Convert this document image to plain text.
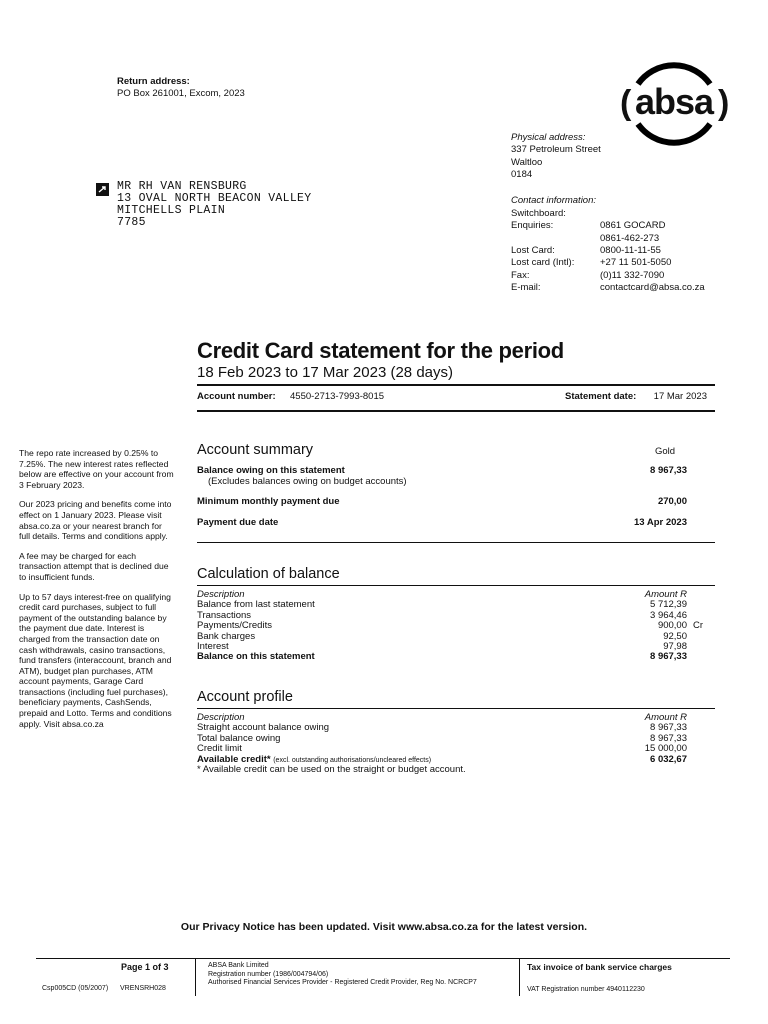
Return address:
PO Box 261001, Excom, 2023	absa
(	)
Physical address:
337 Petroleum Street
Waltloo
0184
Contact information:
Switchboard:
Enquiries:	0861 GOCARD
0861-462-273
Lost Card:	0800-11-11-55
Lost card (Intl):	+27 11 501-5050
Fax:	(0)11 332-7090
E-mail:	contactcard@absa.co.za
MR RH VAN RENSBURG
13 OVAL NORTH BEACON VALLEY
MITCHELLS PLAIN
7785
Credit Card statement for the period
18 Feb 2023 to 17 Mar 2023 (28 days)
Account number: 4550-2713-7993-8015	Statement date: 17 Mar 2023

The repo rate increased by 0.25% to 7.25%. The new interest rates reflected below are effective on your account from 3 February 2023.

Our 2023 pricing and benefits come into effect on 1 January 2023. Please visit absa.co.za or your nearest branch for full details. Terms and conditions apply.

A fee may be charged for each transaction attempt that is declined due to insufficient funds.

Up to 57 days interest-free on qualifying credit card purchases, subject to full payment of the outstanding balance by the payment due date. Interest is charged from the transaction date on cash withdrawals, casino transactions, fund transfers (interaccount, branch and ATM), budget plan purchases, ATM account payments, Garage Card transactions (including fuel purchases), beneficiary payments, CashSends, prepaid and Lotto. Terms and conditions apply. Visit absa.co.za

Account summary	Gold
Balance owing on this statement	8 967,33
(Excludes balances owing on budget accounts)
Minimum monthly payment due	270,00
Payment due date	13 Apr 2023
Calculation of balance
Description	Amount R
Balance from last statement	5 712,39
Transactions	3 964,46
Payments/Credits	900,00 Cr
Bank charges	92,50
Interest	97,98
Balance on this statement	8 967,33
Account profile
Description	Amount R
Straight account balance owing	8 967,33
Total balance owing	8 967,33
Credit limit	15 000,00
Available credit* (excl. outstanding authorisations/uncleared effects)	6 032,67
* Available credit can be used on the straight or budget account.
Our Privacy Notice has been updated. Visit www.absa.co.za for the latest version.
Page 1 of 3
Csp005CD (05/2007) VRENSRH028
ABSA Bank Limited
Registration number (1986/004794/06)
Authorised Financial Services Provider - Registered Credit Provider, Reg No. NCRCP7
Tax invoice of bank service charges
VAT Registration number 4940112230
